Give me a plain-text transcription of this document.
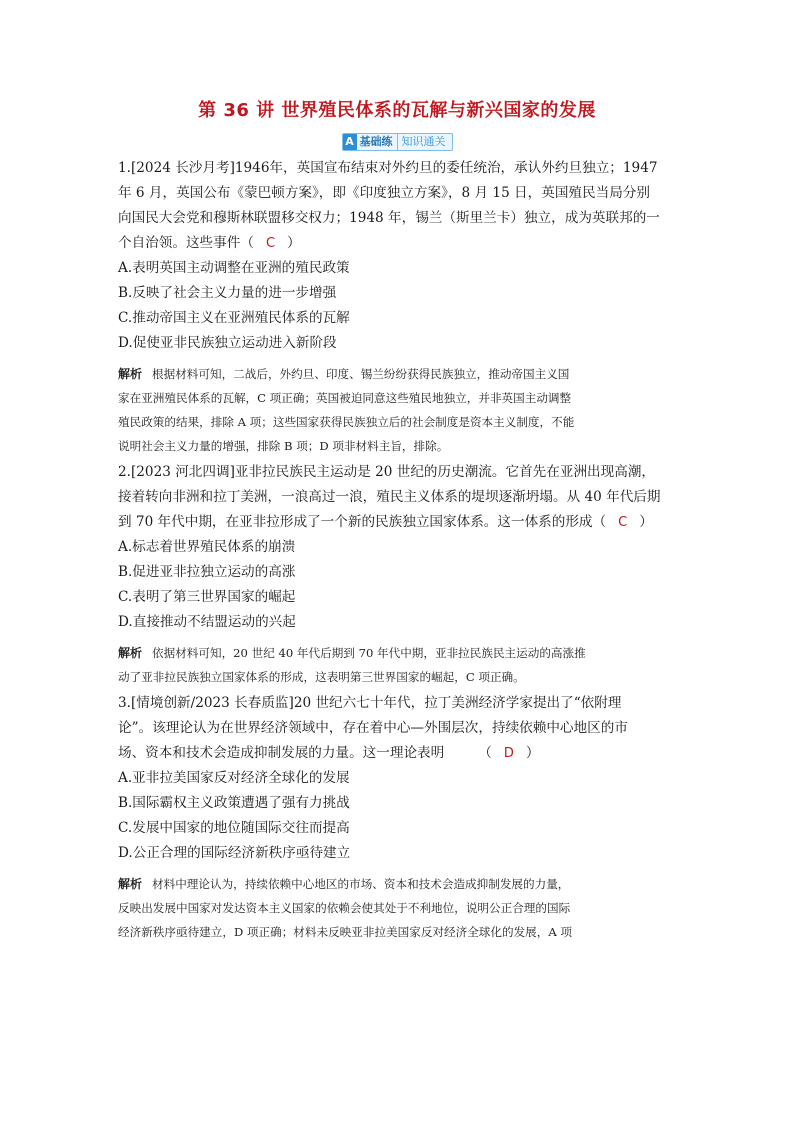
第 36 讲 世界殖民体系的瓦解与新兴国家的发展
A 基础练 知识通关

1.[2024 长沙月考]1946年，英国宣布结束对外约旦的委任统治，承认外约旦独立；1947

年 6 月，英国公布《蒙巴顿方案》，即《印度独立方案》，8 月 15 日，英国殖民当局分别

向国民大会党和穆斯林联盟移交权力；1948 年，锡兰（斯里兰卡）独立，成为英联邦的一

个自治领。这些事件（ C ）

A.表明英国主动调整在亚洲的殖民政策

B.反映了社会主义力量的进一步增强

C.推动帝国主义在亚洲殖民体系的瓦解

D.促使亚非民族独立运动进入新阶段

解析 根据材料可知，二战后，外约旦、印度、锡兰纷纷获得民族独立，推动帝国主义国

家在亚洲殖民体系的瓦解，C 项正确；英国被迫同意这些殖民地独立，并非英国主动调整

殖民政策的结果，排除 A 项；这些国家获得民族独立后的社会制度是资本主义制度，不能

说明社会主义力量的增强，排除 B 项；D 项非材料主旨，排除。

2.[2023 河北四调]亚非拉民族民主运动是 20 世纪的历史潮流。它首先在亚洲出现高潮，

接着转向非洲和拉丁美洲，一浪高过一浪，殖民主义体系的堤坝逐渐坍塌。从 40 年代后期

到 70 年代中期，在亚非拉形成了一个新的民族独立国家体系。这一体系的形成（ C ）

A.标志着世界殖民体系的崩溃

B.促进亚非拉独立运动的高涨

C.表明了第三世界国家的崛起

D.直接推动不结盟运动的兴起

解析 依据材料可知，20 世纪 40 年代后期到 70 年代中期，亚非拉民族民主运动的高涨推

动了亚非拉民族独立国家体系的形成，这表明第三世界国家的崛起，C 项正确。

3.[情境创新/2023 长春质监]20 世纪六七十年代，拉丁美洲经济学家提出了“依附理

论”。该理论认为在世界经济领域中，存在着中心—外围层次，持续依赖中心地区的市

场、资本和技术会造成抑制发展的力量。这一理论表明　　　（ D ）

A.亚非拉美国家反对经济全球化的发展

B.国际霸权主义政策遭遇了强有力挑战

C.发展中国家的地位随国际交往而提高

D.公正合理的国际经济新秩序亟待建立

解析 材料中理论认为，持续依赖中心地区的市场、资本和技术会造成抑制发展的力量，

反映出发展中国家对发达资本主义国家的依赖会使其处于不利地位，说明公正合理的国际

经济新秩序亟待建立，D 项正确；材料未反映亚非拉美国家反对经济全球化的发展，A 项
